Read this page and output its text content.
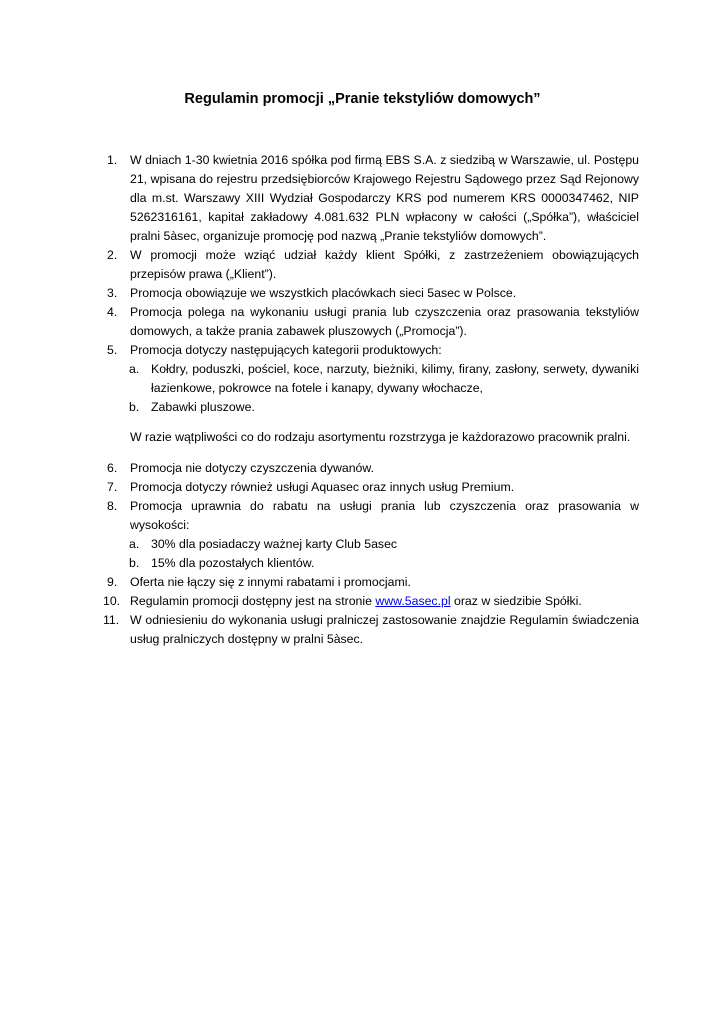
Regulamin promocji „Pranie tekstyliów domowych”
1. W dniach 1-30 kwietnia 2016 spółka pod firmą EBS S.A. z siedzibą w Warszawie, ul. Postępu 21, wpisana do rejestru przedsiębiorców Krajowego Rejestru Sądowego przez Sąd Rejonowy dla m.st. Warszawy XIII Wydział Gospodarczy KRS pod numerem KRS 0000347462, NIP 5262316161, kapitał zakładowy 4.081.632 PLN wpłacony w całości („Spółka”), właściciel pralni 5àsec, organizuje promocję pod nazwą „Pranie tekstyliów domowych”.
2. W promocji może wziąć udział każdy klient Spółki, z zastrzeżeniem obowiązujących przepisów prawa („Klient”).
3. Promocja obowiązuje we wszystkich placówkach sieci 5asec w Polsce.
4. Promocja polega na wykonaniu usługi prania lub czyszczenia oraz prasowania tekstyliów domowych, a także prania zabawek pluszowych („Promocja”).
5. Promocja dotyczy następujących kategorii produktowych:
a. Kołdry, poduszki, pościel, koce, narzuty, bieżniki, kilimy, firany, zasłony, serwety, dywaniki łazienkowe, pokrowce na fotele i kanapy, dywany włochacze,
b. Zabawki pluszowe.
W razie wątpliwości co do rodzaju asortymentu rozstrzyga je każdorazowo pracownik pralni.
6. Promocja nie dotyczy czyszczenia dywanów.
7. Promocja dotyczy również usługi Aquasec oraz innych usług Premium.
8. Promocja uprawnia do rabatu na usługi prania lub czyszczenia oraz prasowania w wysokości:
a. 30% dla posiadaczy ważnej karty Club 5asec
b. 15% dla pozostałych klientów.
9. Oferta nie łączy się z innymi rabatami i promocjami.
10. Regulamin promocji dostępny jest na stronie www.5asec.pl oraz w siedzibie Spółki.
11. W odniesieniu do wykonania usługi pralniczej zastosowanie znajdzie Regulamin świadczenia usług pralniczych dostępny w pralni 5àsec.
